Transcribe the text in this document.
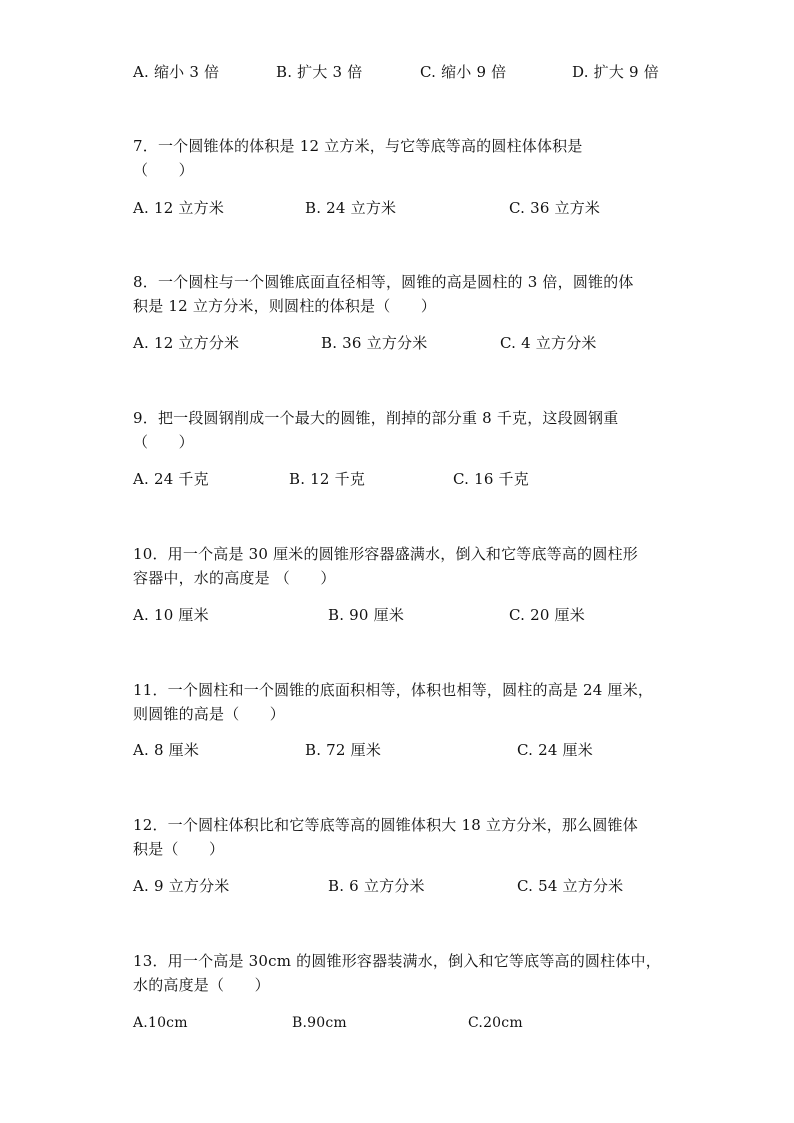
A. 缩小 3 倍	B. 扩大 3 倍	C. 缩小 9 倍	D. 扩大 9 倍
7．一个圆锥体的体积是 12 立方米，与它等底等高的圆柱体体积是
（　　）
A. 12 立方米	B. 24 立方米	C. 36 立方米
8．一个圆柱与一个圆锥底面直径相等，圆锥的高是圆柱的 3 倍，圆锥的体
积是 12 立方分米，则圆柱的体积是（　　）
A. 12 立方分米	B. 36 立方分米	C. 4 立方分米
9．把一段圆钢削成一个最大的圆锥，削掉的部分重 8 千克，这段圆钢重
（　　）
A. 24 千克	B. 12 千克	C. 16 千克
10．用一个高是 30 厘米的圆锥形容器盛满水，倒入和它等底等高的圆柱形
容器中，水的高度是 （　　）
A. 10 厘米	B. 90 厘米	C. 20 厘米
11．一个圆柱和一个圆锥的底面积相等，体积也相等，圆柱的高是 24 厘米，
则圆锥的高是（　　）
A. 8 厘米	B. 72 厘米	C. 24 厘米
12．一个圆柱体积比和它等底等高的圆锥体积大 18 立方分米，那么圆锥体
积是（　　）
A. 9 立方分米	B. 6 立方分米	C. 54 立方分米
13．用一个高是 30cm 的圆锥形容器装满水，倒入和它等底等高的圆柱体中，
水的高度是（　　）
A.10cm	B.90cm	C.20cm
